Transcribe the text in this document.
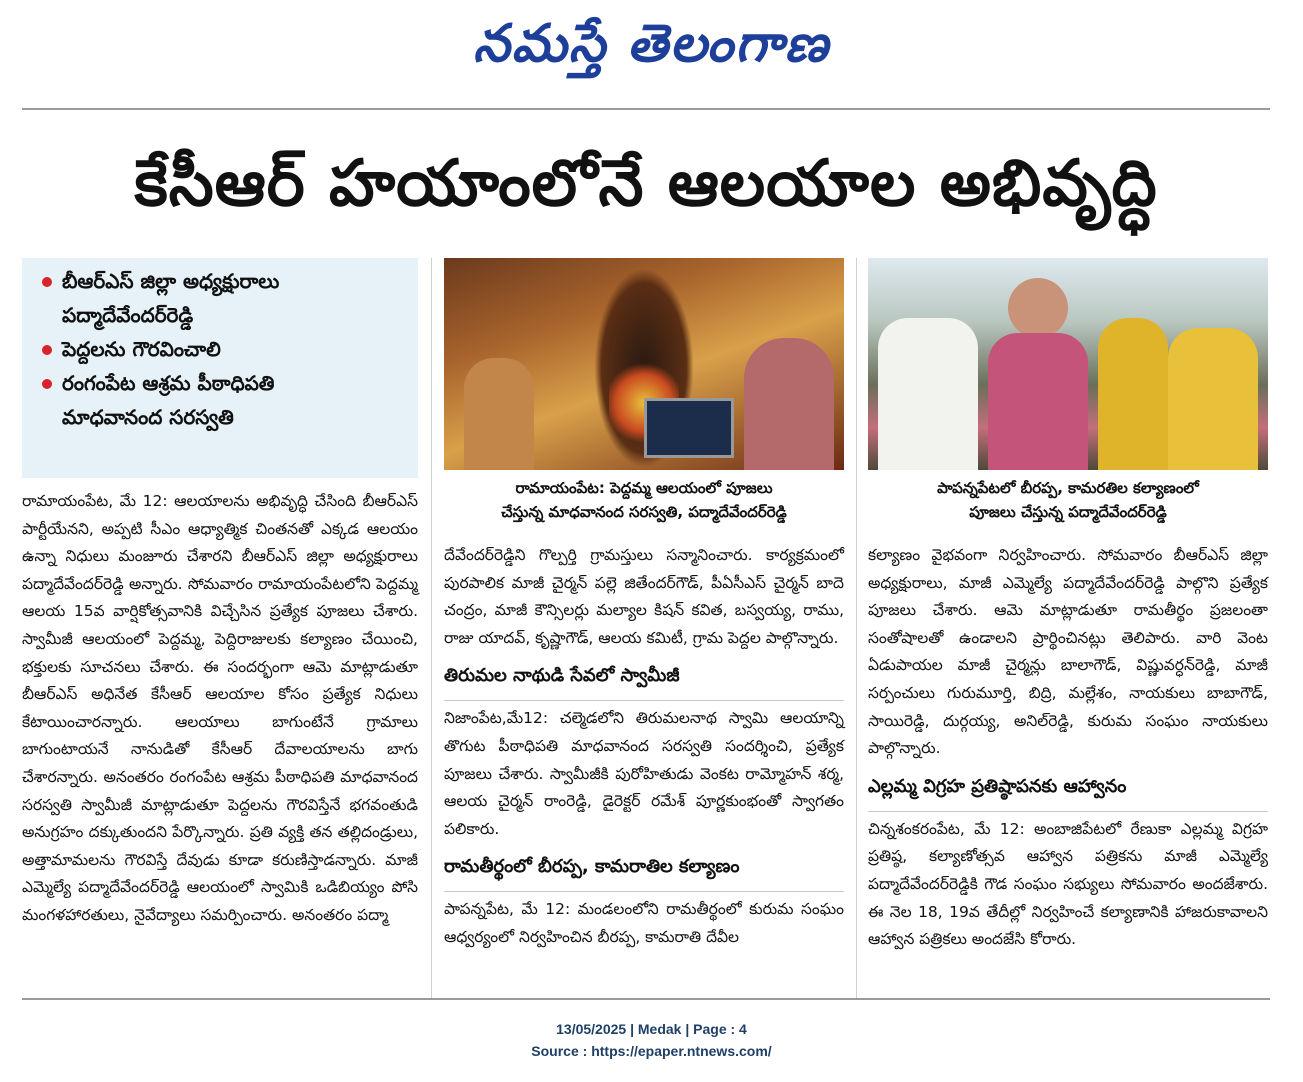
నమస్తే తెలంగాణ
కేసీఆర్ హయాంలోనే ఆలయాల అభివృద్ధి
బీఆర్ఎస్ జిల్లా అధ్యక్షురాలు
పద్మాదేవేందర్‌రెడ్డి
పెద్దలను గౌరవించాలి
రంగంపేట ఆశ్రమ పీఠాధిపతి
మాధవానంద సరస్వతి
రామాయంపేట: పెద్దమ్మ ఆలయంలో పూజలు
చేస్తున్న మాధవానంద సరస్వతి, పద్మాదేవేందర్‌రెడ్డి
పాపన్నపేటలో బీరప్ప, కామరతిల కల్యాణంలో
పూజలు చేస్తున్న పద్మాదేవేందర్‌రెడ్డి

రామాయంపేట, మే 12: ఆలయాలను అభివృద్ధి చేసింది బీఆర్ఎస్ పార్టీయేనని, అప్పటి సీఎం ఆధ్యాత్మిక చింతనతో ఎక్కడ ఆలయం ఉన్నా నిధులు మంజూరు చేశారని బీఆర్ఎస్ జిల్లా అధ్యక్షురాలు పద్మాదేవేందర్‌రెడ్డి అన్నారు. సోమవారం రామాయంపేటలోని పెద్దమ్మ ఆలయ 15వ వార్షికోత్సవానికి విచ్చేసిన ప్రత్యేక పూజలు చేశారు. స్వామీజీ ఆలయంలో పెద్దమ్మ, పెద్దిరాజులకు కల్యాణం చేయించి, భక్తులకు సూచనలు చేశారు. ఈ సందర్భంగా ఆమె మాట్లాడుతూ బీఆర్ఎస్ అధినేత కేసీఆర్ ఆలయాల కోసం ప్రత్యేక నిధులు కేటాయించారన్నారు. ఆలయాలు బాగుంటేనే గ్రామాలు బాగుంటాయనే నానుడితో కేసీఆర్ దేవాలయాలను బాగు చేశారన్నారు. అనంతరం రంగంపేట ఆశ్రమ పీఠాధిపతి మాధవానంద సరస్వతి స్వామీజీ మాట్లాడుతూ పెద్దలను గౌరవిస్తేనే భగవంతుడి అనుగ్రహం దక్కుతుందని పేర్కొన్నారు. ప్రతి వ్యక్తి తన తల్లిదండ్రులు, అత్తామామలను గౌరవిస్తే దేవుడు కూడా కరుణిస్తాడన్నారు. మాజీ ఎమ్మెల్యే పద్మాదేవేందర్‌రెడ్డి ఆలయంలో స్వామికి ఒడిబియ్యం పోసి మంగళహారతులు, నైవేద్యాలు సమర్పించారు. అనంతరం పద్మా

దేవేందర్‌రెడ్డిని గొల్పర్తి గ్రామస్తులు సన్మానించారు. కార్యక్రమంలో పురపాలిక మాజీ చైర్మన్ పల్లె జితేందర్‌గౌడ్, పీఏసీఎస్ చైర్మన్ బాదె చంద్రం, మాజీ కౌన్సిలర్లు మల్యాల కిషన్ కవిత, బస్వయ్య, రాము, రాజు యాదవ్, కృష్ణాగౌడ్, ఆలయ కమిటీ, గ్రామ పెద్దల పాల్గొన్నారు.

తిరుమల నాథుడి సేవలో స్వామీజీ

నిజాంపేట,మే12: చల్మెడలోని తిరుమలనాథ స్వామి ఆలయాన్ని తొగుట పీఠాధిపతి మాధవానంద సరస్వతి సందర్శించి, ప్రత్యేక పూజలు చేశారు. స్వామీజీకి పురోహితుడు వెంకట రామ్మోహన్ శర్మ, ఆలయ చైర్మన్ రాంరెడ్డి, డైరెక్టర్ రమేశ్ పూర్ణకుంభంతో స్వాగతం పలికారు.

రామతీర్థంలో బీరప్ప, కామరాతిల కల్యాణం

పాపన్నపేట, మే 12: మండలంలోని రామతీర్థంలో కురుమ సంఘం ఆధ్వర్యంలో నిర్వహించిన బీరప్ప, కామరాతి దేవీల

కల్యాణం వైభవంగా నిర్వహించారు. సోమవారం బీఆర్ఎస్ జిల్లా అధ్యక్షురాలు, మాజీ ఎమ్మెల్యే పద్మాదేవేందర్‌రెడ్డి పాల్గొని ప్రత్యేక పూజలు చేశారు. ఆమె మాట్లాడుతూ రామతీర్థం ప్రజలంతా సంతోషాలతో ఉండాలని ప్రార్థించినట్లు తెలిపారు. వారి వెంట ఏడుపాయల మాజీ చైర్మన్లు బాలాగౌడ్, విష్ణువర్ధన్‌రెడ్డి, మాజీ సర్పంచులు గురుమూర్తి, బిద్రి, మల్లేశం, నాయకులు బాబాగౌడ్, సాయిరెడ్డి, దుర్గయ్య, అనిల్‌రెడ్డి, కురుమ సంఘం నాయకులు పాల్గొన్నారు.

ఎల్లమ్మ విగ్రహ ప్రతిష్ఠాపనకు ఆహ్వానం

చిన్నశంకరంపేట, మే 12: అంబాజిపేటలో రేణుకా ఎల్లమ్మ విగ్రహ ప్రతిష్ఠ, కల్యాణోత్సవ ఆహ్వాన పత్రికను మాజీ ఎమ్మెల్యే పద్మాదేవేందర్‌రెడ్డికి గౌడ సంఘం సభ్యులు సోమవారం అందజేశారు. ఈ నెల 18, 19వ తేదీల్లో నిర్వహించే కల్యాణానికి హాజరుకావాలని ఆహ్వాన పత్రికలు అందజేసి కోరారు.

13/05/2025 | Medak | Page : 4
Source : https://epaper.ntnews.com/
